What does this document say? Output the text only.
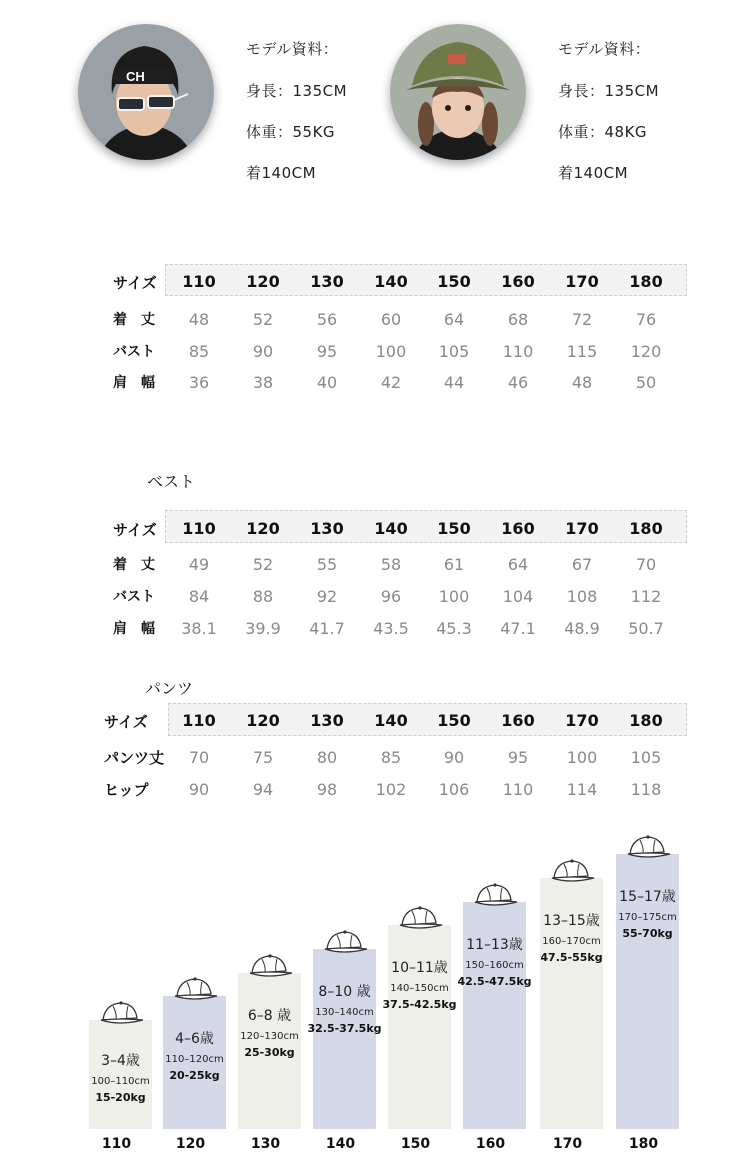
CH
モデル資料：
身長：135CM
体重：55KG
着140CM
モデル資料：
身長：135CM
体重：48KG
着140CM
サイズ	110	120	130	140	150	160	170	180
着　丈	48	52	56	60	64	68	72	76
バスト	85	90	95	100	105	110	115	120
肩　幅	36	38	40	42	44	46	48	50
ベスト
サイズ	110	120	130	140	150	160	170	180
着　丈	49	52	55	58	61	64	67	70
バスト	84	88	92	96	100	104	108	112
肩　幅	38.1	39.9	41.7	43.5	45.3	47.1	48.9	50.7
パンツ
サイズ	110	120	130	140	150	160	170	180
パンツ丈	70	75	80	85	90	95	100	105
ヒップ	90	94	98	102	106	110	114	118
3–4歳
100–110cm
15-20kg
110
4–6歳
110–120cm
20-25kg
120
6–8 歳
120–130cm
25-30kg
130
8–10 歳
130–140cm
32.5-37.5kg
140
10–11歳
140–150cm
37.5-42.5kg
150
11–13歳
150–160cm
42.5-47.5kg
160
13–15歳
160–170cm
47.5-55kg
170
15–17歳
170–175cm
55-70kg
180
